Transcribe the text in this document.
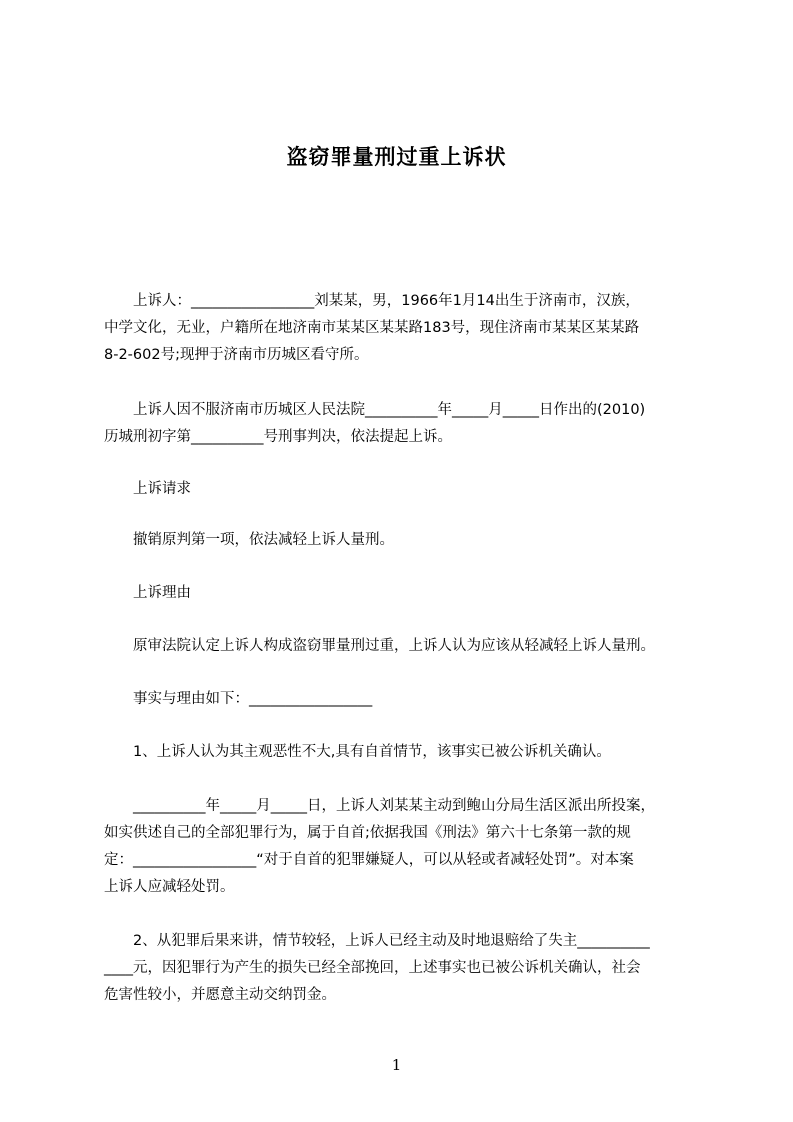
盗窃罪量刑过重上诉状

　　上诉人：_________________刘某某，男，1966年1月14出生于济南市，汉族，

中学文化，无业，户籍所在地济南市某某区某某路183号，现住济南市某某区某某路

8-2-602号;现押于济南市历城区看守所。

　　上诉人因不服济南市历城区人民法院__________年_____月_____日作出的(2010)

历城刑初字第__________号刑事判决，依法提起上诉。

　　上诉请求

　　撤销原判第一项，依法减轻上诉人量刑。

　　上诉理由

　　原审法院认定上诉人构成盗窃罪量刑过重，上诉人认为应该从轻减轻上诉人量刑。

　　事实与理由如下：_________________

　　1、上诉人认为其主观恶性不大,具有自首情节，该事实已被公诉机关确认。

　　__________年_____月_____日，上诉人刘某某主动到鲍山分局生活区派出所投案，

如实供述自己的全部犯罪行为，属于自首;依据我国《刑法》第六十七条第一款的规

定：_________________“对于自首的犯罪嫌疑人，可以从轻或者减轻处罚”。对本案

上诉人应减轻处罚。

　　2、从犯罪后果来讲，情节较轻，上诉人已经主动及时地退赔给了失主__________

____元，因犯罪行为产生的损失已经全部挽回，上述事实也已被公诉机关确认，社会

危害性较小，并愿意主动交纳罚金。

1
